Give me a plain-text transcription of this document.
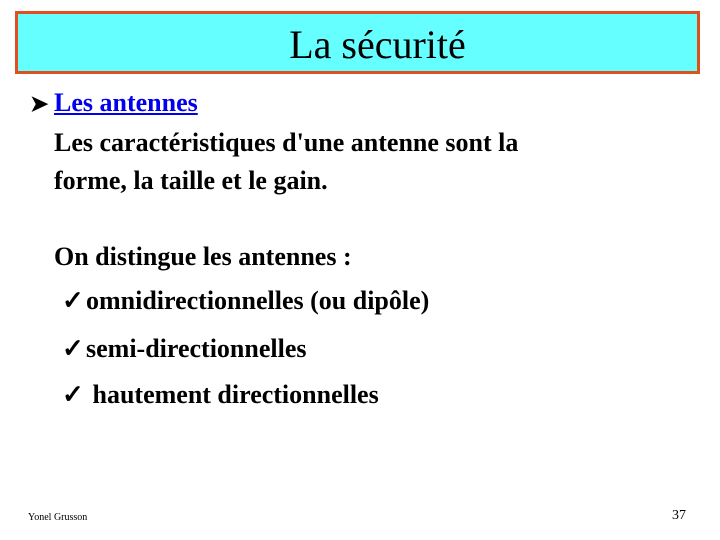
La sécurité
➤ Les antennes
Les caractéristiques d'une antenne sont la
forme, la taille et le gain.
On distingue les antennes :
✓omnidirectionnelles (ou dipôle)
✓semi-directionnelles
✓ hautement directionnelles
Yonel Grusson	37
